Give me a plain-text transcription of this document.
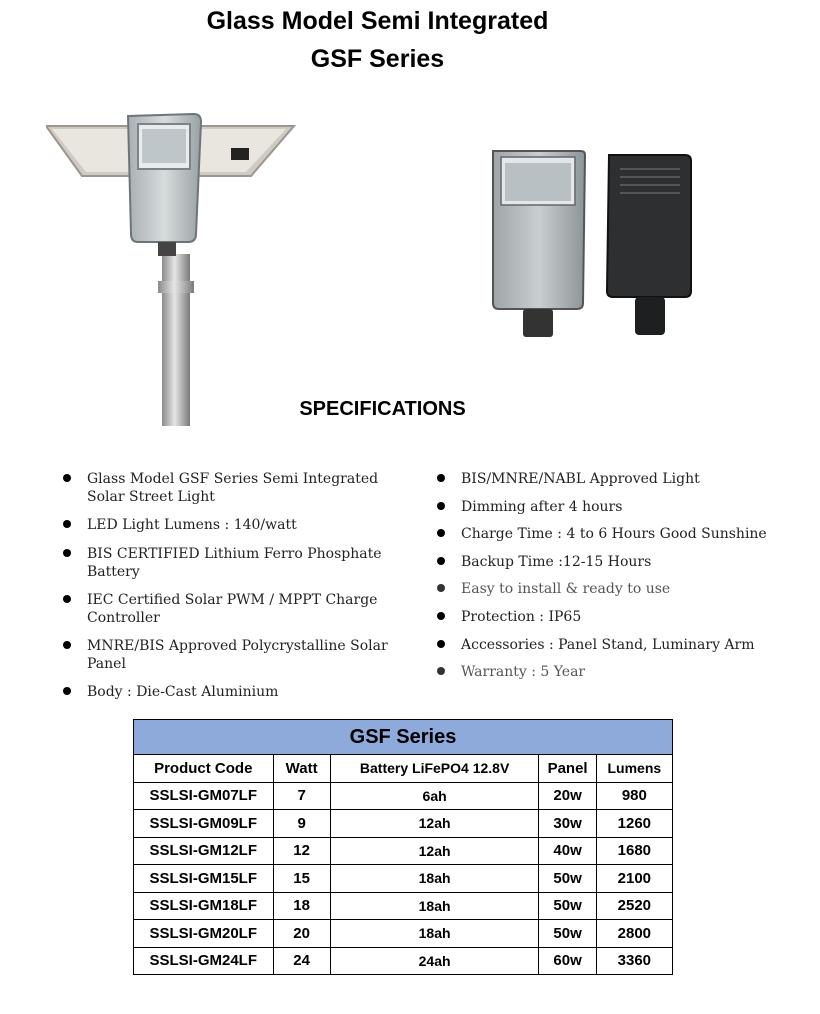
Glass Model Semi Integrated
GSF Series
SPECIFICATIONS
Glass Model GSF Series Semi Integrated Solar Street Light
LED Light Lumens : 140/watt
BIS CERTIFIED Lithium Ferro Phosphate Battery
IEC Certified Solar PWM / MPPT Charge Controller
MNRE/BIS Approved Polycrystalline Solar Panel
Body : Die-Cast Aluminium
BIS/MNRE/NABL Approved Light
Dimming after 4 hours
Charge Time : 4 to 6 Hours Good Sunshine
Backup Time :12-15 Hours
Easy to install & ready to use
Protection : IP65
Accessories : Panel Stand, Luminary Arm
Warranty : 5 Year
GSF Series				
Product Code	Watt	Battery LiFePO4 12.8V	Panel	Lumens
SSLSI-GM07LF	7	6ah	20w	980
SSLSI-GM09LF	9	12ah	30w	1260
SSLSI-GM12LF	12	12ah	40w	1680
SSLSI-GM15LF	15	18ah	50w	2100
SSLSI-GM18LF	18	18ah	50w	2520
SSLSI-GM20LF	20	18ah	50w	2800
SSLSI-GM24LF	24	24ah	60w	3360
